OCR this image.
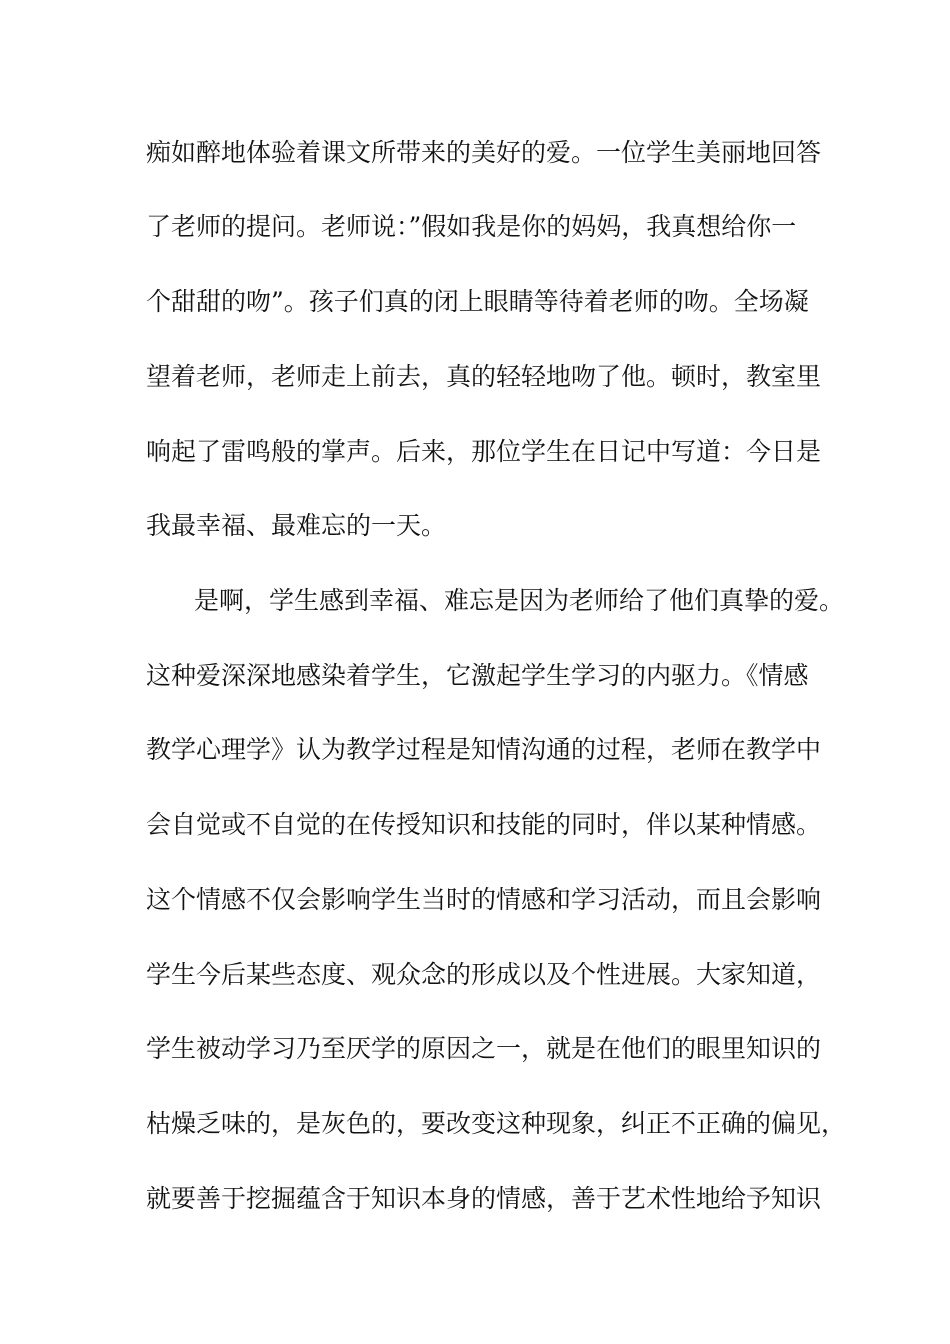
痴如醉地体验着课文所带来的美好的爱。一位学生美丽地回答

了老师的提问。老师说：”假如我是你的妈妈，我真想给你一

个甜甜的吻”。孩子们真的闭上眼睛等待着老师的吻。全场凝

望着老师，老师走上前去，真的轻轻地吻了他。顿时，教室里

响起了雷鸣般的掌声。后来，那位学生在日记中写道：今日是

我最幸福、最难忘的一天。

是啊，学生感到幸福、难忘是因为老师给了他们真挚的爱。

这种爱深深地感染着学生，它激起学生学习的内驱力。《情感

教学心理学》认为教学过程是知情沟通的过程，老师在教学中

会自觉或不自觉的在传授知识和技能的同时，伴以某种情感。

这个情感不仅会影响学生当时的情感和学习活动，而且会影响

学生今后某些态度、观众念的形成以及个性进展。大家知道，

学生被动学习乃至厌学的原因之一，就是在他们的眼里知识的

枯燥乏味的，是灰色的，要改变这种现象，纠正不正确的偏见，

就要善于挖掘蕴含于知识本身的情感，善于艺术性地给予知识
